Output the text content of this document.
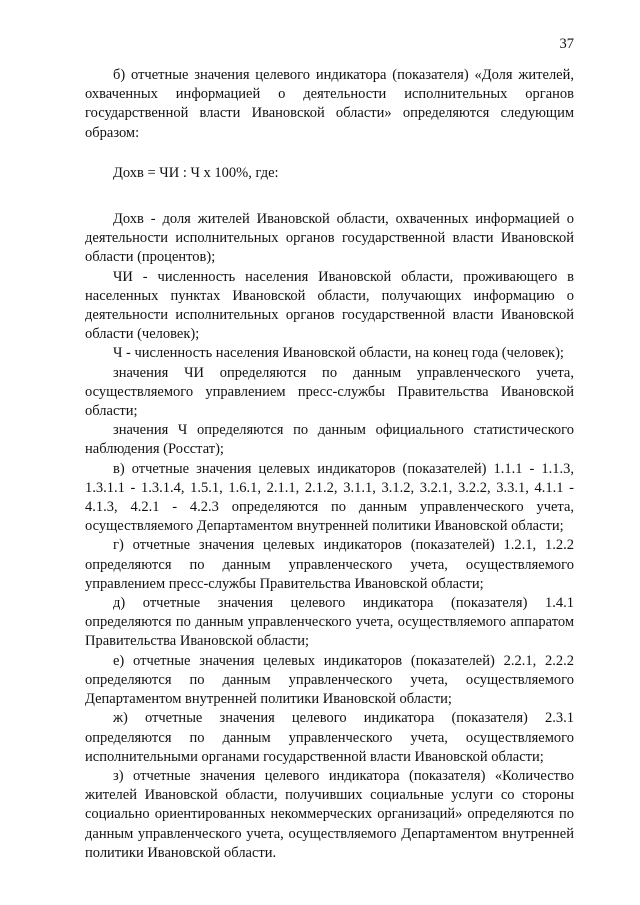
37

б) отчетные значения целевого индикатора (показателя) «Доля жителей, охваченных информацией о деятельности исполнительных органов государственной власти Ивановской области» определяются следующим образом:

Дохв = ЧИ : Ч х 100%, где:

Дохв - доля жителей Ивановской области, охваченных информацией о деятельности исполнительных органов государственной власти Ивановской области (процентов);

ЧИ - численность населения Ивановской области, проживающего в населенных пунктах Ивановской области, получающих информацию о деятельности исполнительных органов государственной власти Ивановской области (человек);

Ч - численность населения Ивановской области, на конец года (человек);

значения ЧИ определяются по данным управленческого учета, осуществляемого управлением пресс-службы Правительства Ивановской области;

значения Ч определяются по данным официального статистического наблюдения (Росстат);

в) отчетные значения целевых индикаторов (показателей) 1.1.1 - 1.1.3, 1.3.1.1 - 1.3.1.4, 1.5.1, 1.6.1, 2.1.1, 2.1.2, 3.1.1, 3.1.2, 3.2.1, 3.2.2, 3.3.1, 4.1.1 - 4.1.3, 4.2.1 - 4.2.3 определяются по данным управленческого учета, осуществляемого Департаментом внутренней политики Ивановской области;

г) отчетные значения целевых индикаторов (показателей) 1.2.1, 1.2.2 определяются по данным управленческого учета, осуществляемого управлением пресс-службы Правительства Ивановской области;

д) отчетные значения целевого индикатора (показателя) 1.4.1 определяются по данным управленческого учета, осуществляемого аппаратом Правительства Ивановской области;

е) отчетные значения целевых индикаторов (показателей) 2.2.1, 2.2.2 определяются по данным управленческого учета, осуществляемого Департаментом внутренней политики Ивановской области;

ж) отчетные значения целевого индикатора (показателя) 2.3.1 определяются по данным управленческого учета, осуществляемого исполнительными органами государственной власти Ивановской области;

з) отчетные значения целевого индикатора (показателя) «Количество жителей Ивановской области, получивших социальные услуги со стороны социально ориентированных некоммерческих организаций» определяются по данным управленческого учета, осуществляемого Департаментом внутренней политики Ивановской области.
